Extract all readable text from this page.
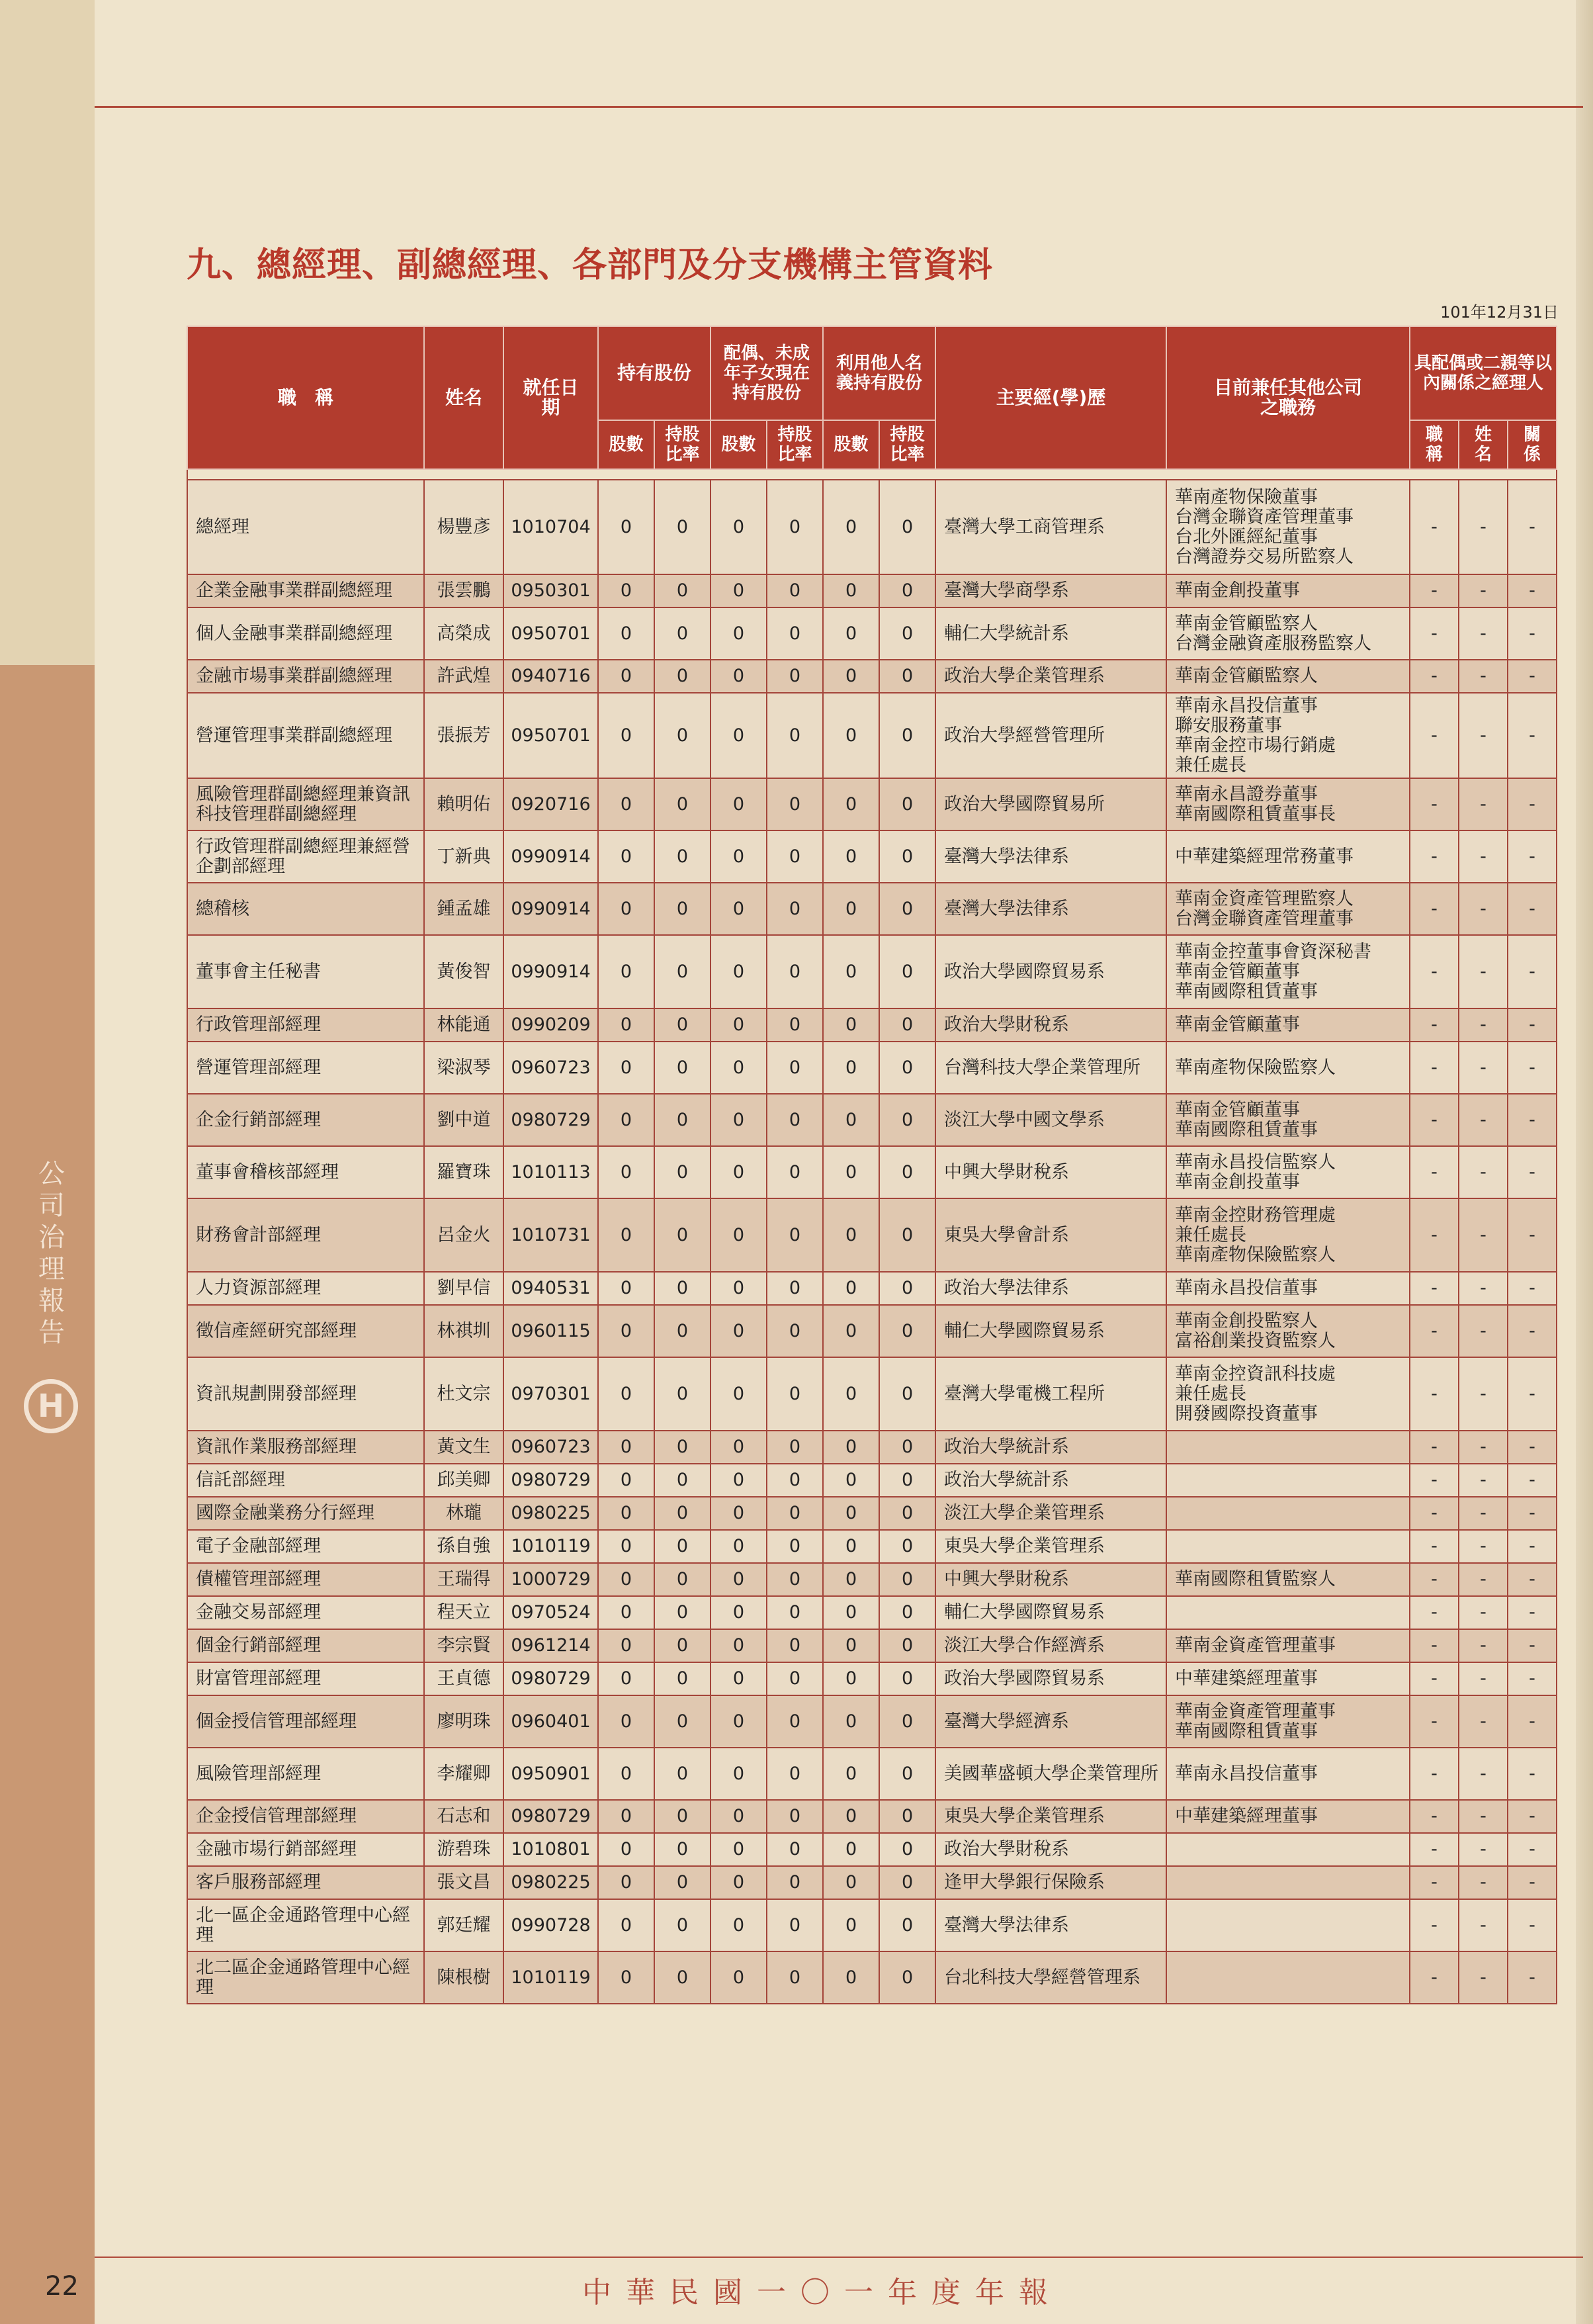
公司治理報告
H
九、總經理、副總經理、各部門及分支機構主管資料
101年12月31日
職　稱	姓名	就任日期	持有股份		配偶、未成年子女現在持有股份		利用他人名義持有股份		主要經(學)歷	目前兼任其他公司之職務	具配偶或二親等以內關係之經理人		
			股數	持股比率	股數	持股比率	股數	持股比率			職稱	姓名	關係

總經理	楊豐彥	1010704	0	0	0	0	0	0	臺灣大學工商管理系	華南產物保險董事
台灣金聯資產管理董事
台北外匯經紀董事
台灣證券交易所監察人	-	-	-
企業金融事業群副總經理	張雲鵬	0950301	0	0	0	0	0	0	臺灣大學商學系	華南金創投董事	-	-	-
個人金融事業群副總經理	高榮成	0950701	0	0	0	0	0	0	輔仁大學統計系	華南金管顧監察人
台灣金融資產服務監察人	-	-	-
金融市場事業群副總經理	許武煌	0940716	0	0	0	0	0	0	政治大學企業管理系	華南金管顧監察人	-	-	-
營運管理事業群副總經理	張振芳	0950701	0	0	0	0	0	0	政治大學經營管理所	華南永昌投信董事
聯安服務董事
華南金控市場行銷處
兼任處長	-	-	-
風險管理群副總經理兼資訊科技管理群副總經理	賴明佑	0920716	0	0	0	0	0	0	政治大學國際貿易所	華南永昌證券董事
華南國際租賃董事長	-	-	-
行政管理群副總經理兼經營企劃部經理	丁新典	0990914	0	0	0	0	0	0	臺灣大學法律系	中華建築經理常務董事	-	-	-
總稽核	鍾孟雄	0990914	0	0	0	0	0	0	臺灣大學法律系	華南金資產管理監察人
台灣金聯資產管理董事	-	-	-
董事會主任秘書	黃俊智	0990914	0	0	0	0	0	0	政治大學國際貿易系	華南金控董事會資深秘書
華南金管顧董事
華南國際租賃董事	-	-	-
行政管理部經理	林能通	0990209	0	0	0	0	0	0	政治大學財稅系	華南金管顧董事	-	-	-
營運管理部經理	梁淑琴	0960723	0	0	0	0	0	0	台灣科技大學企業管理所	華南產物保險監察人	-	-	-
企金行銷部經理	劉中道	0980729	0	0	0	0	0	0	淡江大學中國文學系	華南金管顧董事
華南國際租賃董事	-	-	-
董事會稽核部經理	羅寶珠	1010113	0	0	0	0	0	0	中興大學財稅系	華南永昌投信監察人
華南金創投董事	-	-	-
財務會計部經理	呂金火	1010731	0	0	0	0	0	0	東吳大學會計系	華南金控財務管理處
兼任處長
華南產物保險監察人	-	-	-
人力資源部經理	劉早信	0940531	0	0	0	0	0	0	政治大學法律系	華南永昌投信董事	-	-	-
徵信產經研究部經理	林祺圳	0960115	0	0	0	0	0	0	輔仁大學國際貿易系	華南金創投監察人
富裕創業投資監察人	-	-	-
資訊規劃開發部經理	杜文宗	0970301	0	0	0	0	0	0	臺灣大學電機工程所	華南金控資訊科技處
兼任處長
開發國際投資董事	-	-	-
資訊作業服務部經理	黃文生	0960723	0	0	0	0	0	0	政治大學統計系		-	-	-
信託部經理	邱美卿	0980729	0	0	0	0	0	0	政治大學統計系		-	-	-
國際金融業務分行經理	林瓏	0980225	0	0	0	0	0	0	淡江大學企業管理系		-	-	-
電子金融部經理	孫自強	1010119	0	0	0	0	0	0	東吳大學企業管理系		-	-	-
債權管理部經理	王瑞得	1000729	0	0	0	0	0	0	中興大學財稅系	華南國際租賃監察人	-	-	-
金融交易部經理	程天立	0970524	0	0	0	0	0	0	輔仁大學國際貿易系		-	-	-
個金行銷部經理	李宗賢	0961214	0	0	0	0	0	0	淡江大學合作經濟系	華南金資產管理董事	-	-	-
財富管理部經理	王貞德	0980729	0	0	0	0	0	0	政治大學國際貿易系	中華建築經理董事	-	-	-
個金授信管理部經理	廖明珠	0960401	0	0	0	0	0	0	臺灣大學經濟系	華南金資產管理董事
華南國際租賃董事	-	-	-
風險管理部經理	李耀卿	0950901	0	0	0	0	0	0	美國華盛頓大學企業管理所	華南永昌投信董事	-	-	-
企金授信管理部經理	石志和	0980729	0	0	0	0	0	0	東吳大學企業管理系	中華建築經理董事	-	-	-
金融市場行銷部經理	游碧珠	1010801	0	0	0	0	0	0	政治大學財稅系		-	-	-
客戶服務部經理	張文昌	0980225	0	0	0	0	0	0	逢甲大學銀行保險系		-	-	-
北一區企金通路管理中心經理	郭廷耀	0990728	0	0	0	0	0	0	臺灣大學法律系		-	-	-
北二區企金通路管理中心經理	陳根樹	1010119	0	0	0	0	0	0	台北科技大學經營管理系		-	-	-
22	中華民國一〇一年度年報
